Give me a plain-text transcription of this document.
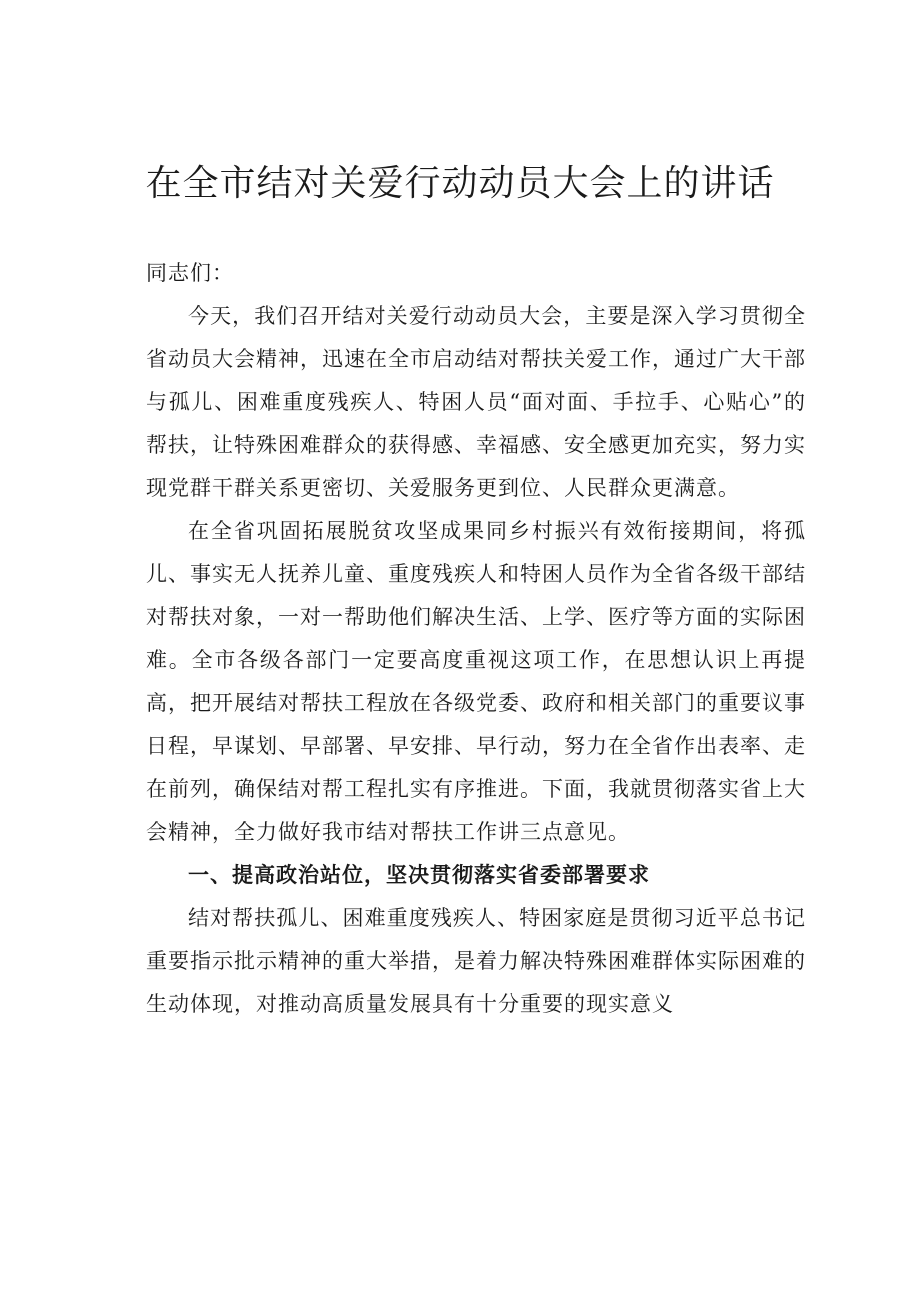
在全市结对关爱行动动员大会上的讲话

同志们：

今天，我们召开结对关爱行动动员大会，主要是深入学习贯彻全省动员大会精神，迅速在全市启动结对帮扶关爱工作，通过广大干部与孤儿、困难重度残疾人、特困人员“面对面、手拉手、心贴心”的帮扶，让特殊困难群众的获得感、幸福感、安全感更加充实，努力实现党群干群关系更密切、关爱服务更到位、人民群众更满意。

在全省巩固拓展脱贫攻坚成果同乡村振兴有效衔接期间，将孤儿、事实无人抚养儿童、重度残疾人和特困人员作为全省各级干部结对帮扶对象，一对一帮助他们解决生活、上学、医疗等方面的实际困难。全市各级各部门一定要高度重视这项工作，在思想认识上再提高，把开展结对帮扶工程放在各级党委、政府和相关部门的重要议事日程，早谋划、早部署、早安排、早行动，努力在全省作出表率、走在前列，确保结对帮工程扎实有序推进。下面，我就贯彻落实省上大会精神，全力做好我市结对帮扶工作讲三点意见。

一、提高政治站位，坚决贯彻落实省委部署要求

结对帮扶孤儿、困难重度残疾人、特困家庭是贯彻习近平总书记重要指示批示精神的重大举措，是着力解决特殊困难群体实际困难的生动体现，对推动高质量发展具有十分重要的现实意义
